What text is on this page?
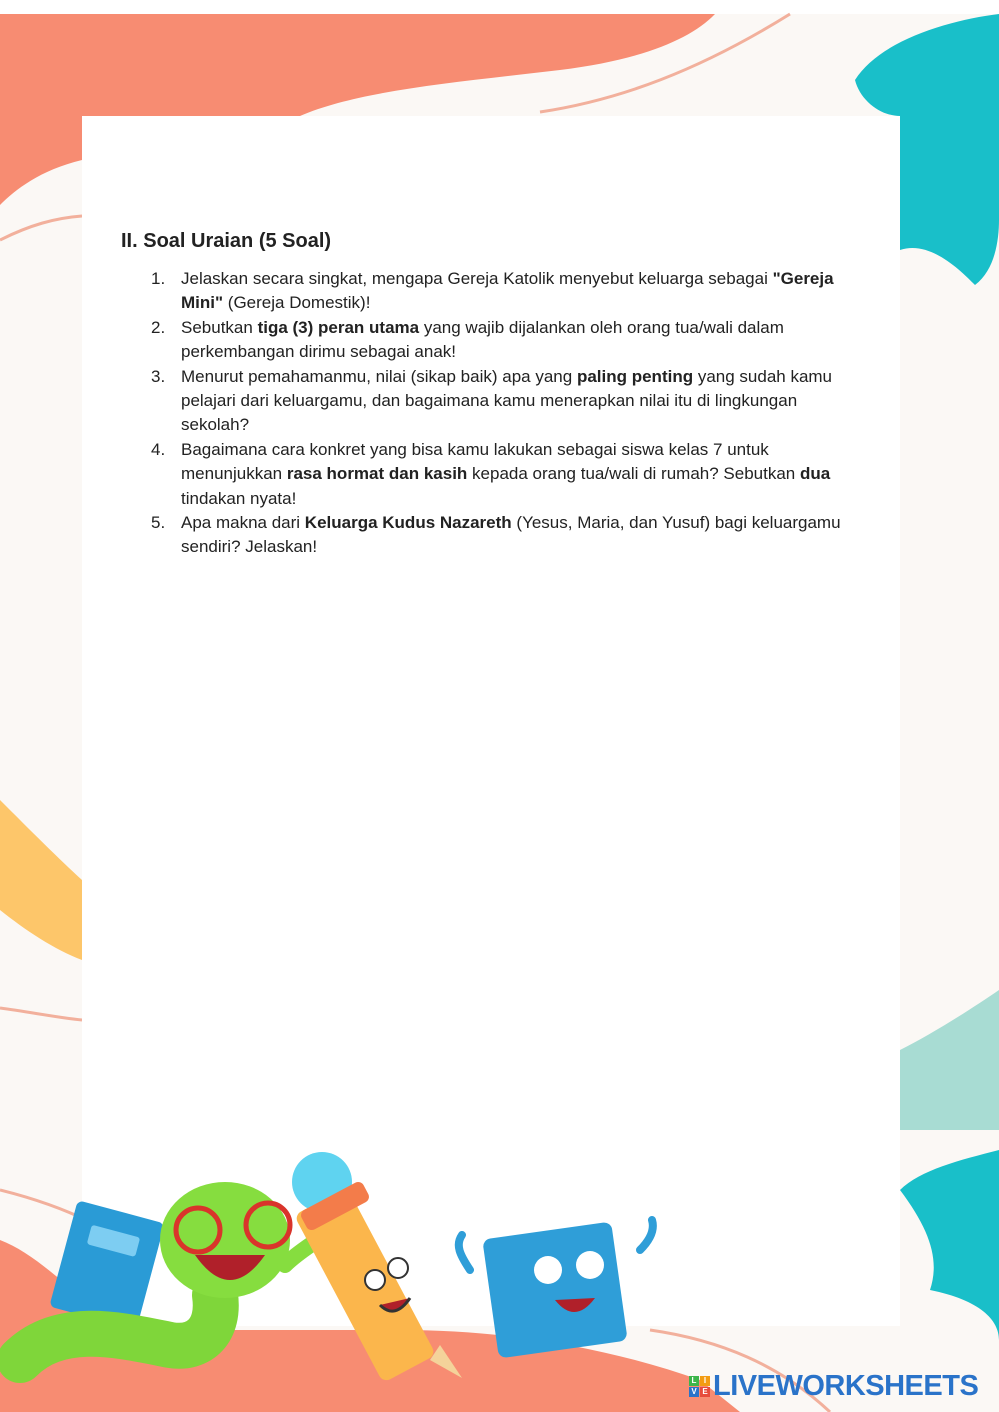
II. Soal Uraian (5 Soal)
1. Jelaskan secara singkat, mengapa Gereja Katolik menyebut keluarga sebagai "Gereja Mini" (Gereja Domestik)!
2. Sebutkan tiga (3) peran utama yang wajib dijalankan oleh orang tua/wali dalam perkembangan dirimu sebagai anak!
3. Menurut pemahamanmu, nilai (sikap baik) apa yang paling penting yang sudah kamu pelajari dari keluargamu, dan bagaimana kamu menerapkan nilai itu di lingkungan sekolah?
4. Bagaimana cara konkret yang bisa kamu lakukan sebagai siswa kelas 7 untuk menunjukkan rasa hormat dan kasih kepada orang tua/wali di rumah? Sebutkan dua tindakan nyata!
5. Apa makna dari Keluarga Kudus Nazareth (Yesus, Maria, dan Yusuf) bagi keluargamu sendiri? Jelaskan!
L I
V E LIVEWORKSHEETS
